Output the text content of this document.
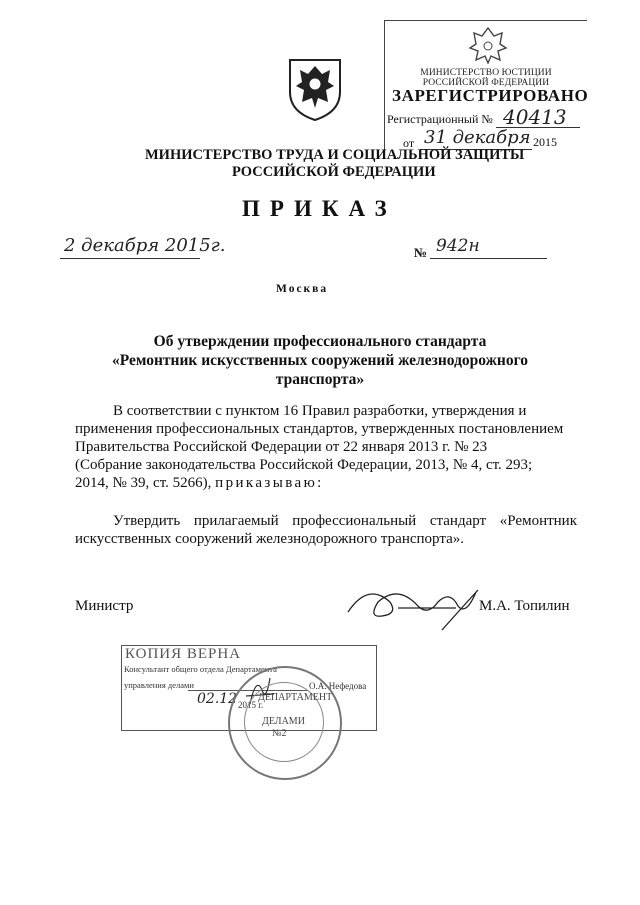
МИНИСТЕРСТВО ЮСТИЦИИ РОССИЙСКОЙ ФЕДЕРАЦИИ
ЗАРЕГИСТРИРОВАНО
Регистрационный № 40413
от 31 декабря 2015
МИНИСТЕРСТВО ТРУДА И СОЦИАЛЬНОЙ ЗАЩИТЫ
РОССИЙСКОЙ ФЕДЕРАЦИИ
ПРИКАЗ
2 декабря 2015г.	№ 942н
Москва
Об утверждении профессионального стандарта
«Ремонтник искусственных сооружений железнодорожного
транспорта»
В соответствии с пунктом 16 Правил разработки, утверждения и
применения профессиональных стандартов, утвержденных постановлением
Правительства Российской Федерации от 22 января 2013 г. № 23
(Собрание законодательства Российской Федерации, 2013, № 4, ст. 293;
2014, № 39, ст. 5266), приказываю:
Утвердить прилагаемый профессиональный стандарт «Ремонтник искусственных сооружений железнодорожного транспорта».
Министр	М.А. Топилин
КОПИЯ ВЕРНА
Консультант общего отдела Департамента
управления делами	О.А. Нефедова
02.12 2015 г.
ДЕПАРТАМЕНТ
ДЕЛАМИ
№2
